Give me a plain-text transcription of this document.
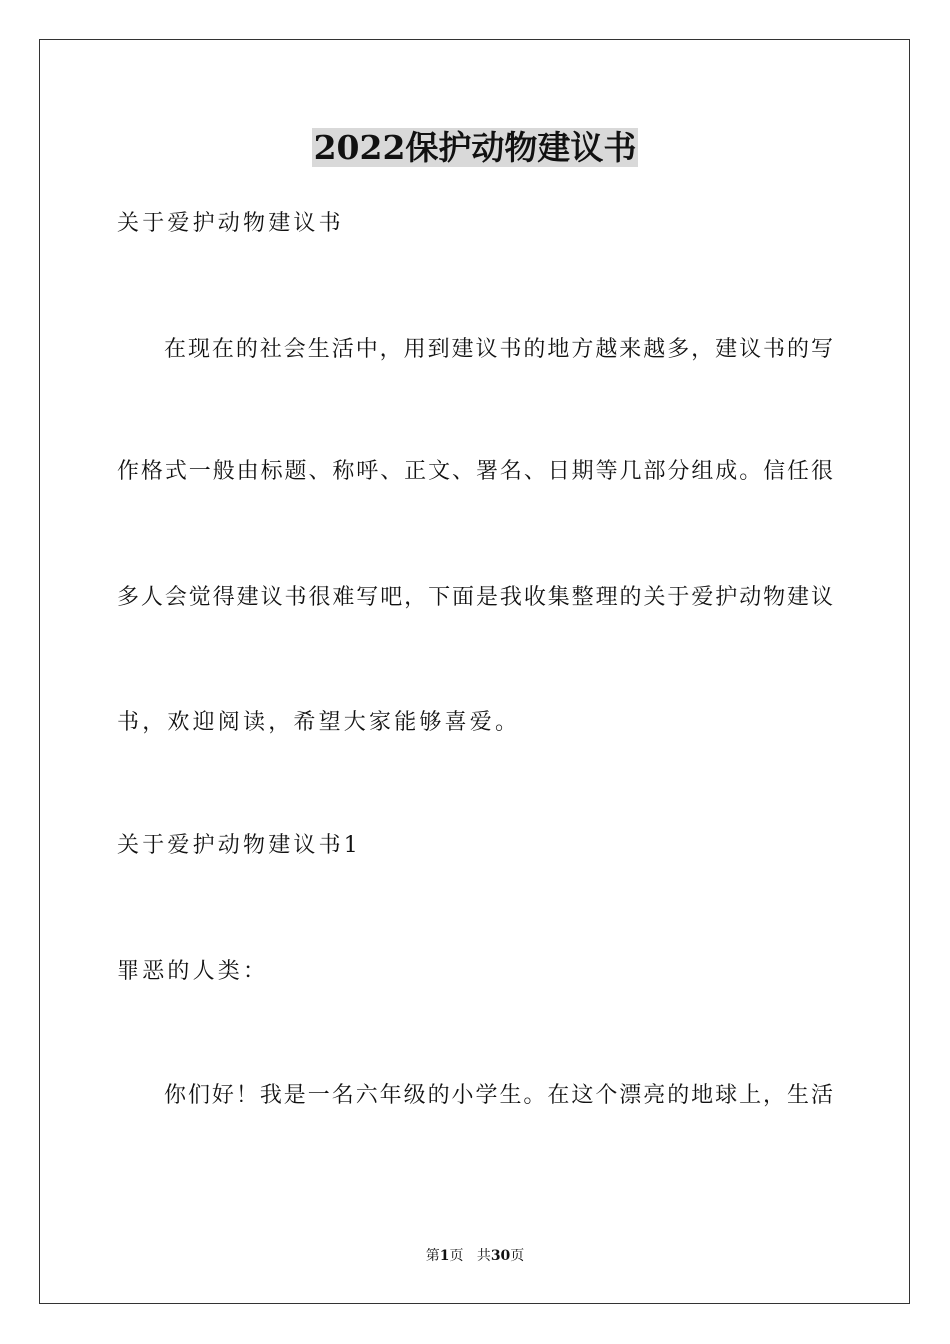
2022保护动物建议书
关于爱护动物建议书
在现在的社会生活中，用到建议书的地方越来越多，建议书的写
作格式一般由标题、称呼、正文、署名、日期等几部分组成。信任很
多人会觉得建议书很难写吧，下面是我收集整理的关于爱护动物建议
书，欢迎阅读，希望大家能够喜爱。
关于爱护动物建议书1
罪恶的人类：
你们好！我是一名六年级的小学生。在这个漂亮的地球上，生活
第1页 共30页
